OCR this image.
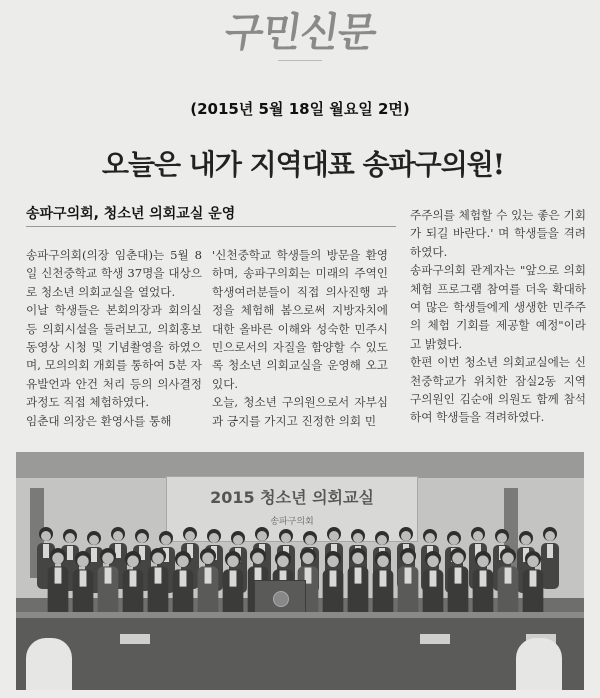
구민신문
(2015년 5월 18일 월요일 2면)
오늘은 내가 지역대표 송파구의원!
송파구의회, 청소년 의회교실 운영
송파구의회(의장 임춘대)는 5월 8일 신천중학교 학생 37명을 대상으로 청소년 의회교실을 열었다.
이날 학생들은 본회의장과 회의실 등 의회시설을 둘러보고, 의회홍보 동영상 시청 및 기념촬영을 하였으며, 모의의회 개회를 통하여 5분 자유발언과 안건 처리 등의 의사결정 과정도 직접 체험하였다.
임춘대 의장은 환영사를 통해
'신천중학교 학생들의 방문을 환영하며, 송파구의회는 미래의 주역인 학생여러분들이 직접 의사진행 과정을 체험해 봄으로써 지방자치에 대한 올바른 이해와 성숙한 민주시민으로서의 자질을 함양할 수 있도록 청소년 의회교실을 운영해 오고 있다.
오늘, 청소년 구의원으로서 자부심과 긍지를 가지고 진정한 의회 민
주주의를 체험할 수 있는 좋은 기회가 되길 바란다.' 며 학생들을 격려하였다.
송파구의회 관계자는 "앞으로 의회체험 프로그램 참여를 더욱 확대하여 많은 학생들에게 생생한 민주주의 체험 기회를 제공할 예정"이라고 밝혔다.
한편 이번 청소년 의회교실에는 신천중학교가 위치한 잠실2동 지역 구의원인 김순애 의원도 함께 참석하여 학생들을 격려하였다.
2015 청소년 의회교실
송파구의회
